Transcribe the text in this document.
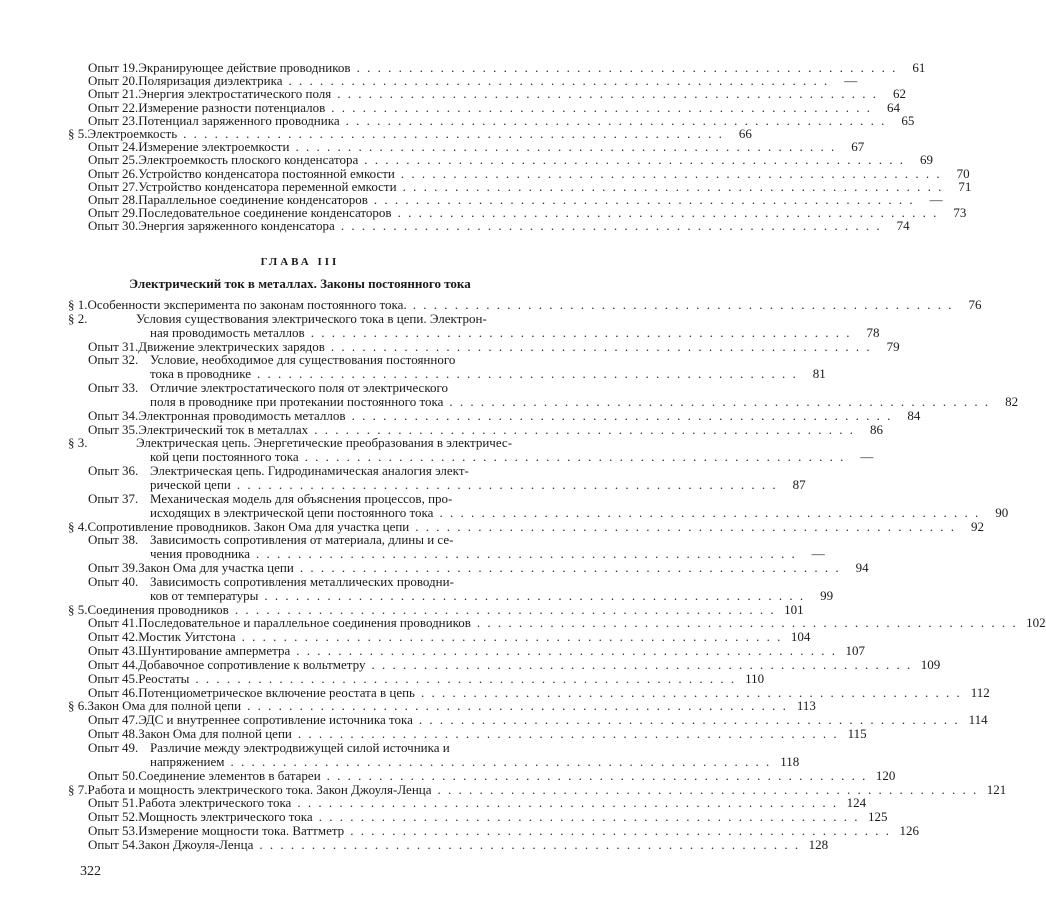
Опыт 19. Экранирующее действие проводников . . .	61
Опыт 20. Поляризация диэлектрика . . .	—
Опыт 21. Энергия электростатического поля . . .	62
Опыт 22. Измерение разности потенциалов . . .	64
Опыт 23. Потенциал заряженного проводника . . .	65
§ 5. Электроемкость . . .	66
Опыт 24. Измерение электроемкости . . .	67
Опыт 25. Электроемкость плоского конденсатора . . .	69
Опыт 26. Устройство конденсатора постоянной емкости . . .	70
Опыт 27. Устройство конденсатора переменной емкости . . .	71
Опыт 28. Параллельное соединение конденсаторов . . .	—
Опыт 29. Последовательное соединение конденсаторов . . .	73
Опыт 30. Энергия заряженного конденсатора . . .	74
ГЛАВА III
Электрический ток в металлах. Законы постоянного тока
§ 1. Особенности эксперимента по законам постоянного тока. . . .	76
§ 2.	Условия существования электрического тока в цепи. Электрон-
ная проводимость металлов . . .	78
Опыт 31. Движение электрических зарядов . . .	79
Опыт 32. Условие, необходимое для существования постоянного
тока в проводнике . . .	81
Опыт 33. Отличие электростатического поля от электрического
поля в проводнике при протекании постоянного тока . . .	82
Опыт 34. Электронная проводимость металлов . . .	84
Опыт 35. Электрический ток в металлах . . .	86
§ 3.	Электрическая цепь. Энергетические преобразования в электричес-
кой цепи постоянного тока . . .	—
Опыт 36. Электрическая цепь. Гидродинамическая аналогия элект-
рической цепи . . .	87
Опыт 37. Механическая модель для объяснения процессов, про-
исходящих в электрической цепи постоянного тока . . .	90
§ 4. Сопротивление проводников. Закон Ома для участка цепи . . .	92
Опыт 38. Зависимость сопротивления от материала, длины и се-
чения проводника . . .	—
Опыт 39. Закон Ома для участка цепи . . .	94
Опыт 40. Зависимость сопротивления металлических проводни-
ков от температуры . . .	99
§ 5. Соединения проводников . . .	101
Опыт 41. Последовательное и параллельное соединения проводников . . .	102
Опыт 42. Мостик Уитстона . . .	104
Опыт 43. Шунтирование амперметра . . .	107
Опыт 44. Добавочное сопротивление к вольтметру . . .	109
Опыт 45. Реостаты . . .	110
Опыт 46. Потенциометрическое включение реостата в цепь . . .	112
§ 6. Закон Ома для полной цепи . . .	113
Опыт 47. ЭДС и внутреннее сопротивление источника тока . . .	114
Опыт 48. Закон Ома для полной цепи . . .	115
Опыт 49. Различие между электродвижущей силой источника и
напряжением . . .	118
Опыт 50. Соединение элементов в батареи . . .	120
§ 7. Работа и мощность электрического тока. Закон Джоуля-Ленца . . .	121
Опыт 51. Работа электрического тока . . .	124
Опыт 52. Мощность электрического тока . . .	125
Опыт 53. Измерение мощности тока. Ваттметр . . .	126
Опыт 54. Закон Джоуля-Ленца . . .	128
322
